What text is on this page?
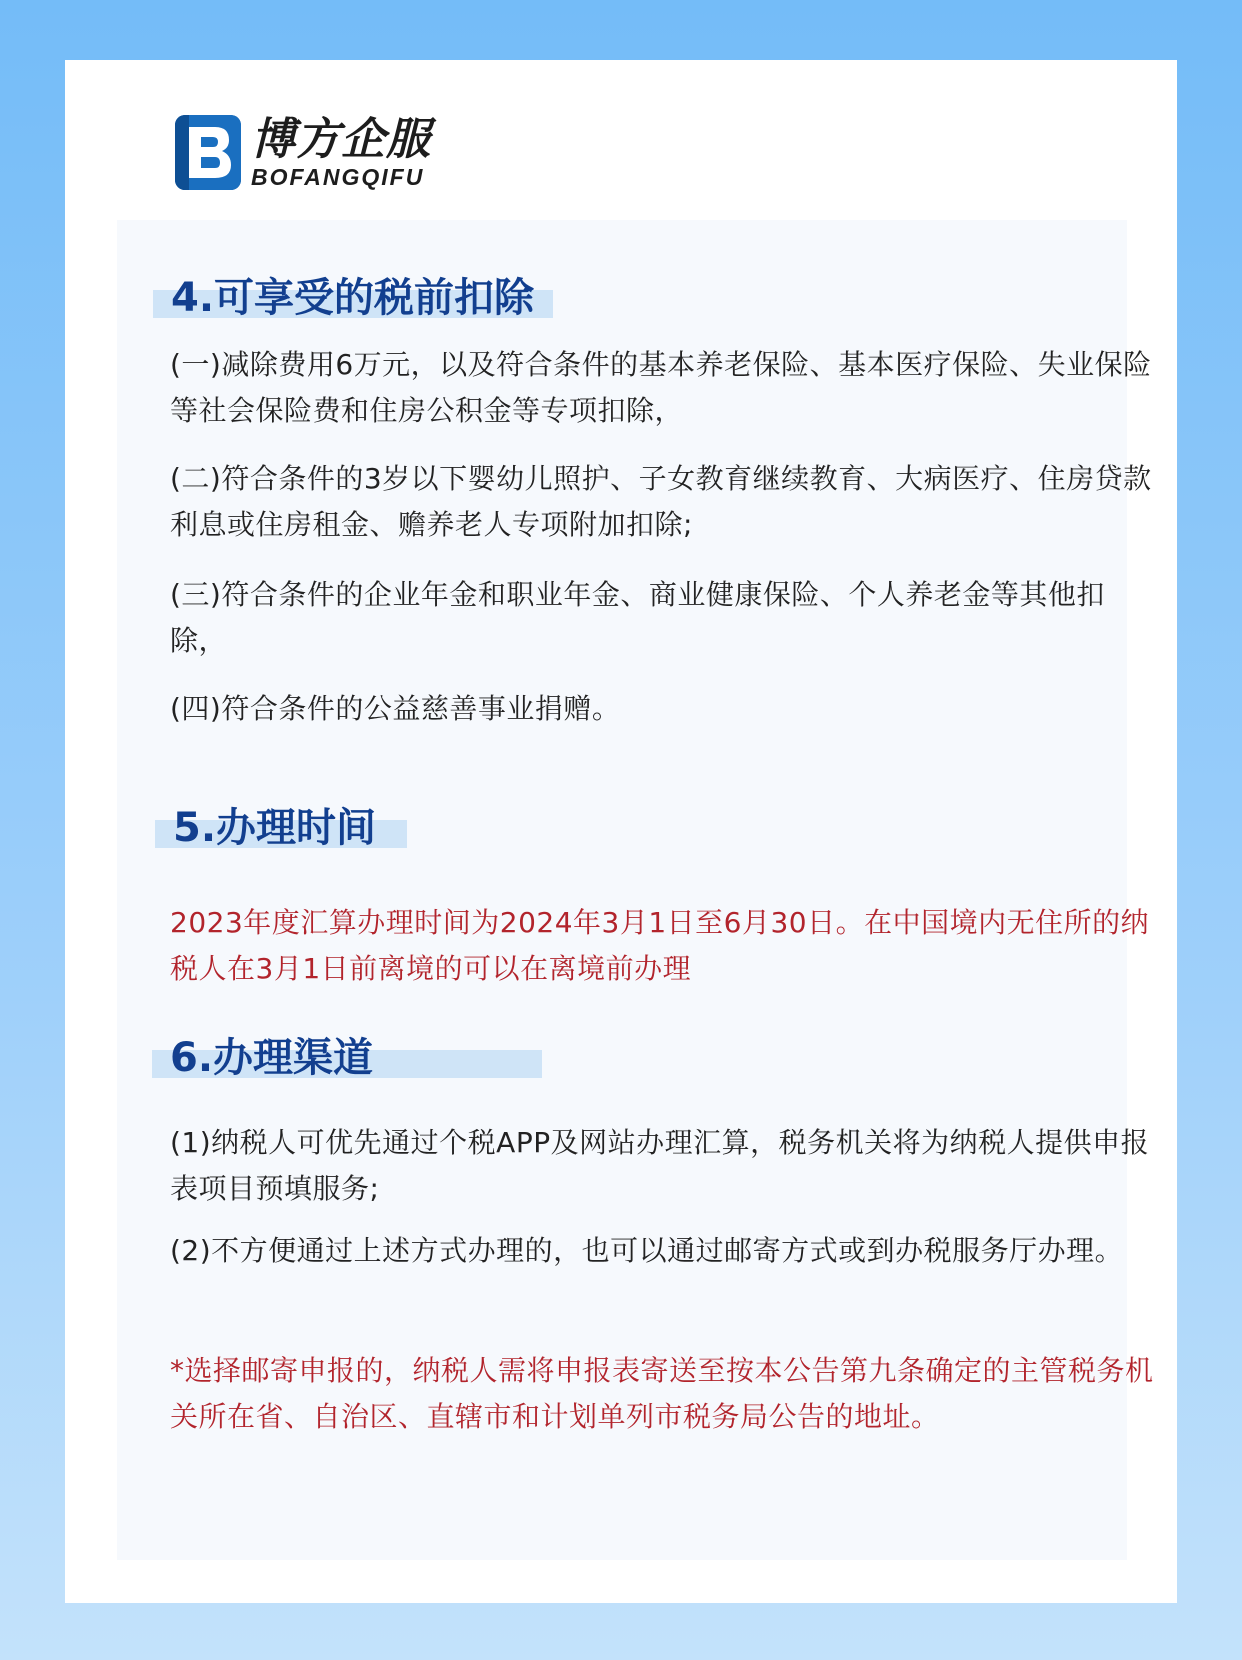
博方企服
BOFANGQIFU
4.可享受的税前扣除
(一)减除费用6万元，以及符合条件的基本养老保险、基本医疗保险、失业保险等社会保险费和住房公积金等专项扣除，
(二)符合条件的3岁以下婴幼儿照护、子女教育继续教育、大病医疗、住房贷款利息或住房租金、赡养老人专项附加扣除;
(三)符合条件的企业年金和职业年金、商业健康保险、个人养老金等其他扣除，
(四)符合条件的公益慈善事业捐赠。
5.办理时间
2023年度汇算办理时间为2024年3月1日至6月30日。在中国境内无住所的纳税人在3月1日前离境的可以在离境前办理
6.办理渠道
(1)纳税人可优先通过个税APP及网站办理汇算，税务机关将为纳税人提供申报表项目预填服务;
(2)不方便通过上述方式办理的，也可以通过邮寄方式或到办税服务厅办理。
*选择邮寄申报的，纳税人需将申报表寄送至按本公告第九条确定的主管税务机关所在省、自治区、直辖市和计划单列市税务局公告的地址。
